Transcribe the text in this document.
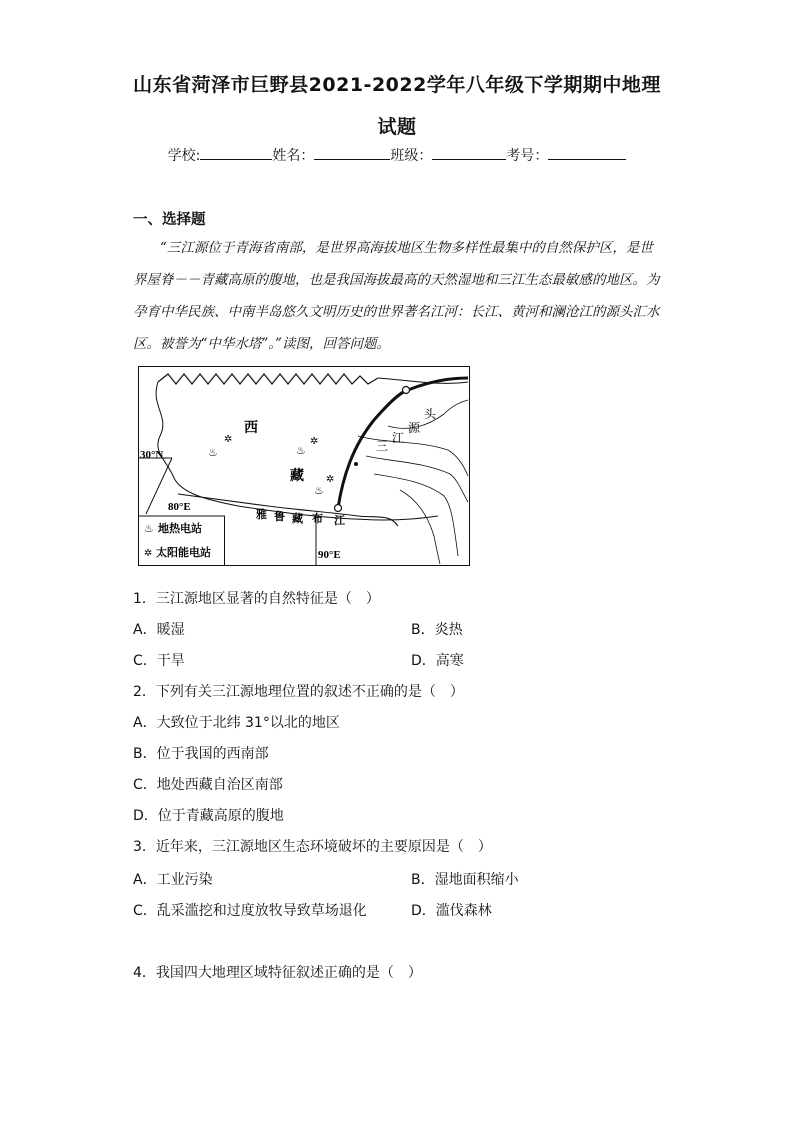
山东省菏泽市巨野县2021-2022学年八年级下学期期中地理
试题
学校:	姓名：	班级：	考号：
一、选择题
“三江源位于青海省南部，是世界高海拔地区生物多样性最集中的自然保护区，是世界屋脊－－青藏高原的腹地，也是我国海拔最高的天然湿地和三江生态最敏感的地区。为孕育中华民族、中南半岛悠久文明历史的世界著名江河：长江、黄河和澜沧江的源头汇水区。被誉为“中华水塔”。”读图，回答问题。
30°N
80°E
90°E
西
藏
头
源
江
三
雅 鲁 藏 布 江
♨	♨
♨
✲	✲
✲
♨ 地热电站
✲ 太阳能电站
1．三江源地区显著的自然特征是（　）
A．暖湿	B．炎热
C．干旱	D．高寒
2．下列有关三江源地理位置的叙述不正确的是（　）
A．大致位于北纬 31°以北的地区
B．位于我国的西南部
C．地处西藏自治区南部
D．位于青藏高原的腹地
3．近年来，三江源地区生态环境破坏的主要原因是（　）
A．工业污染	B．湿地面积缩小
C．乱采滥挖和过度放牧导致草场退化	D．滥伐森林
4．我国四大地理区域特征叙述正确的是（　）
